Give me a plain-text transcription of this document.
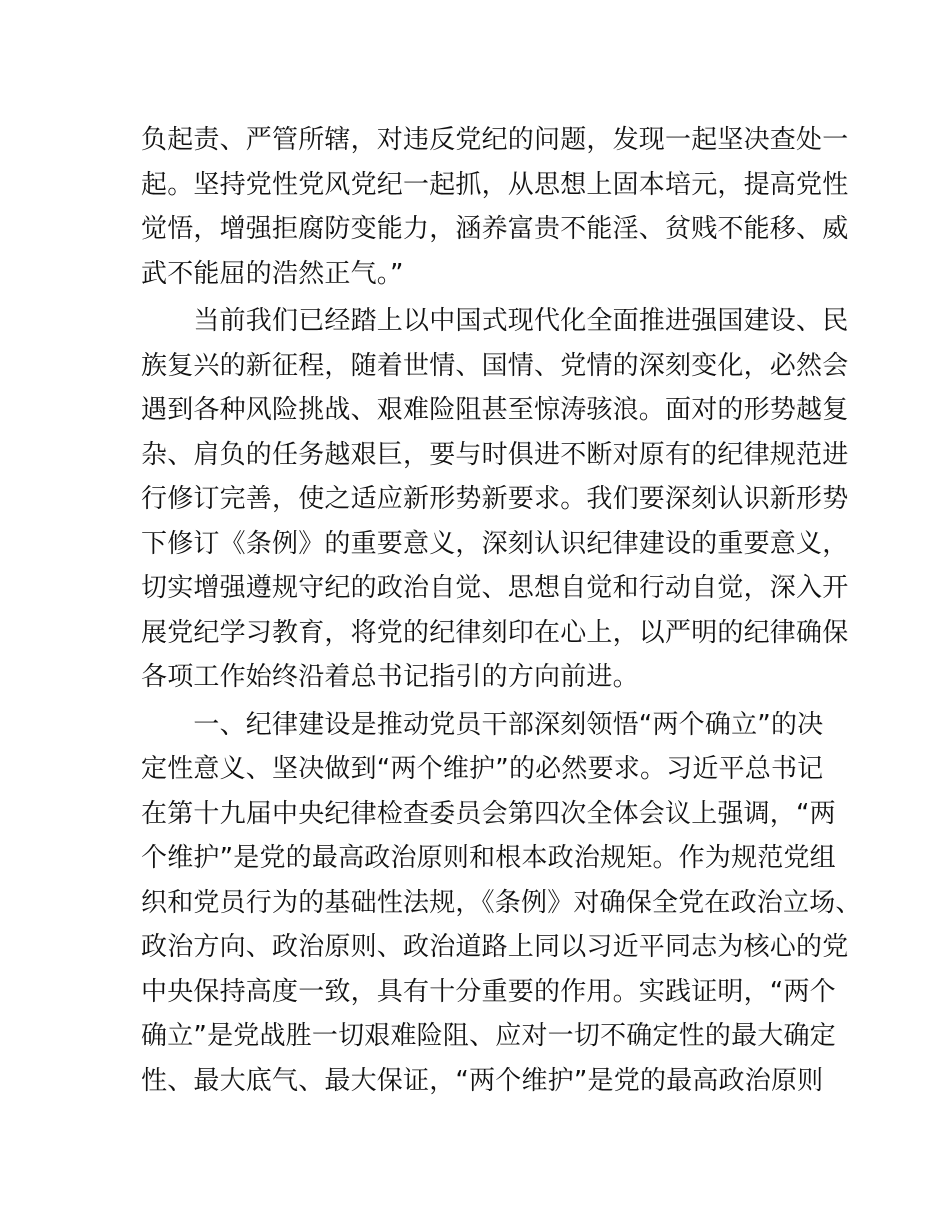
负起责、严管所辖，对违反党纪的问题，发现一起坚决查处一
起。坚持党性党风党纪一起抓，从思想上固本培元，提高党性
觉悟，增强拒腐防变能力，涵养富贵不能淫、贫贱不能移、威
武不能屈的浩然正气。”
　　当前我们已经踏上以中国式现代化全面推进强国建设、民
族复兴的新征程，随着世情、国情、党情的深刻变化，必然会
遇到各种风险挑战、艰难险阻甚至惊涛骇浪。面对的形势越复
杂、肩负的任务越艰巨，要与时俱进不断对原有的纪律规范进
行修订完善，使之适应新形势新要求。我们要深刻认识新形势
下修订《条例》的重要意义，深刻认识纪律建设的重要意义，
切实增强遵规守纪的政治自觉、思想自觉和行动自觉，深入开
展党纪学习教育，将党的纪律刻印在心上，以严明的纪律确保
各项工作始终沿着总书记指引的方向前进。
　　一、纪律建设是推动党员干部深刻领悟“两个确立”的决
定性意义、坚决做到“两个维护”的必然要求。习近平总书记
在第十九届中央纪律检查委员会第四次全体会议上强调，“两
个维护”是党的最高政治原则和根本政治规矩。作为规范党组
织和党员行为的基础性法规，《条例》对确保全党在政治立场、
政治方向、政治原则、政治道路上同以习近平同志为核心的党
中央保持高度一致，具有十分重要的作用。实践证明，“两个
确立”是党战胜一切艰难险阻、应对一切不确定性的最大确定
性、最大底气、最大保证，“两个维护”是党的最高政治原则
